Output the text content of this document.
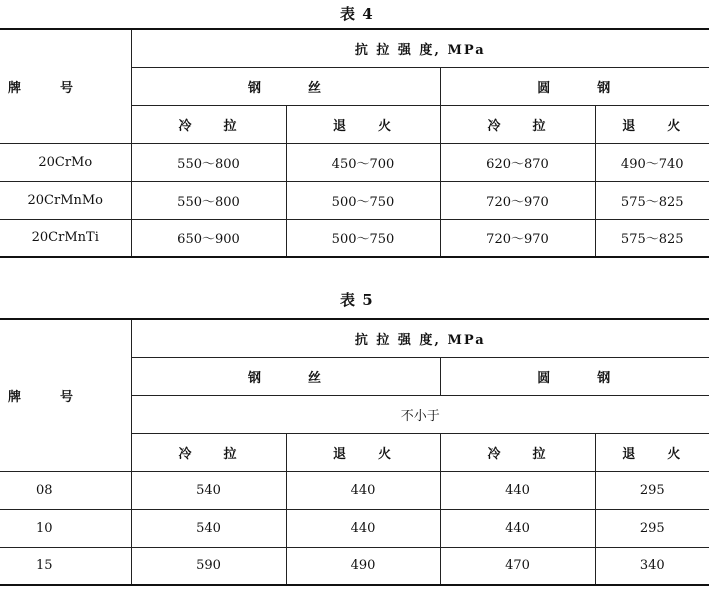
表 4
牌　　　号	抗 拉 强 度, MPa			
	钢　　　丝		圆　　　钢	
	冷　　拉	退　　火	冷　　拉	退　　火
20CrMo	550～800	450～700	620～870	490～740
20CrMnMo	550～800	500～750	720～970	575～825
20CrMnTi	650～900	500～750	720～970	575～825
表 5
牌　　　号	抗 拉 强 度, MPa			
	钢　　　丝		圆　　　钢	
	不小于			
	冷　　拉	退　　火	冷　　拉	退　　火
08	540	440	440	295
10	540	440	440	295
15	590	490	470	340
